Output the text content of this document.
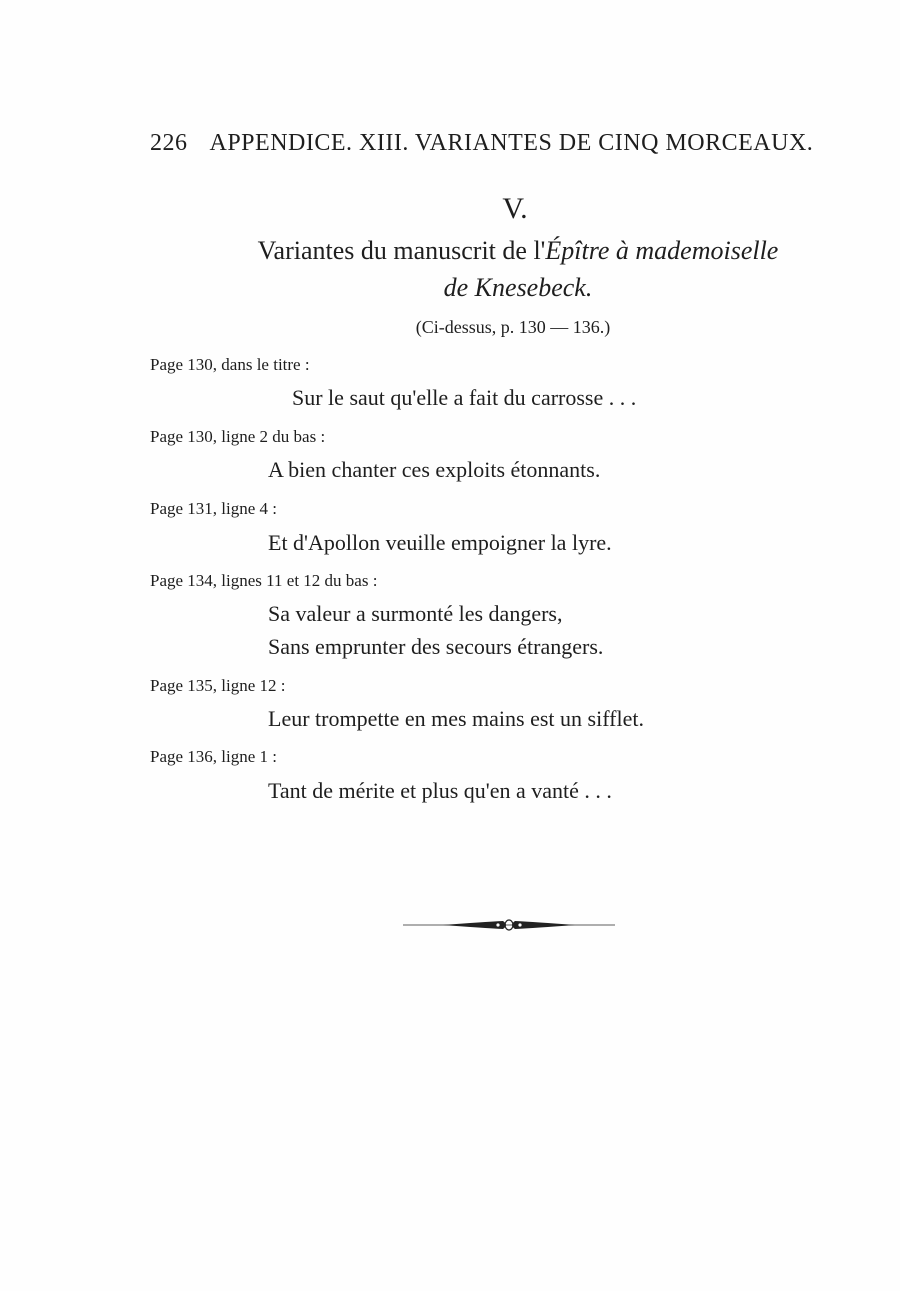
226 APPENDICE. XIII. VARIANTES DE CINQ MORCEAUX.
V.
Variantes du manuscrit de l'Épître à mademoiselle
de Knesebeck.
(Ci-dessus, p. 130 — 136.)
Page 130, dans le titre :
Sur le saut qu'elle a fait du carrosse . . .
Page 130, ligne 2 du bas :
A bien chanter ces exploits étonnants.
Page 131, ligne 4 :
Et d'Apollon veuille empoigner la lyre.
Page 134, lignes 11 et 12 du bas :
Sa valeur a surmonté les dangers,
Sans emprunter des secours étrangers.
Page 135, ligne 12 :
Leur trompette en mes mains est un sifflet.
Page 136, ligne 1 :
Tant de mérite et plus qu'en a vanté . . .
